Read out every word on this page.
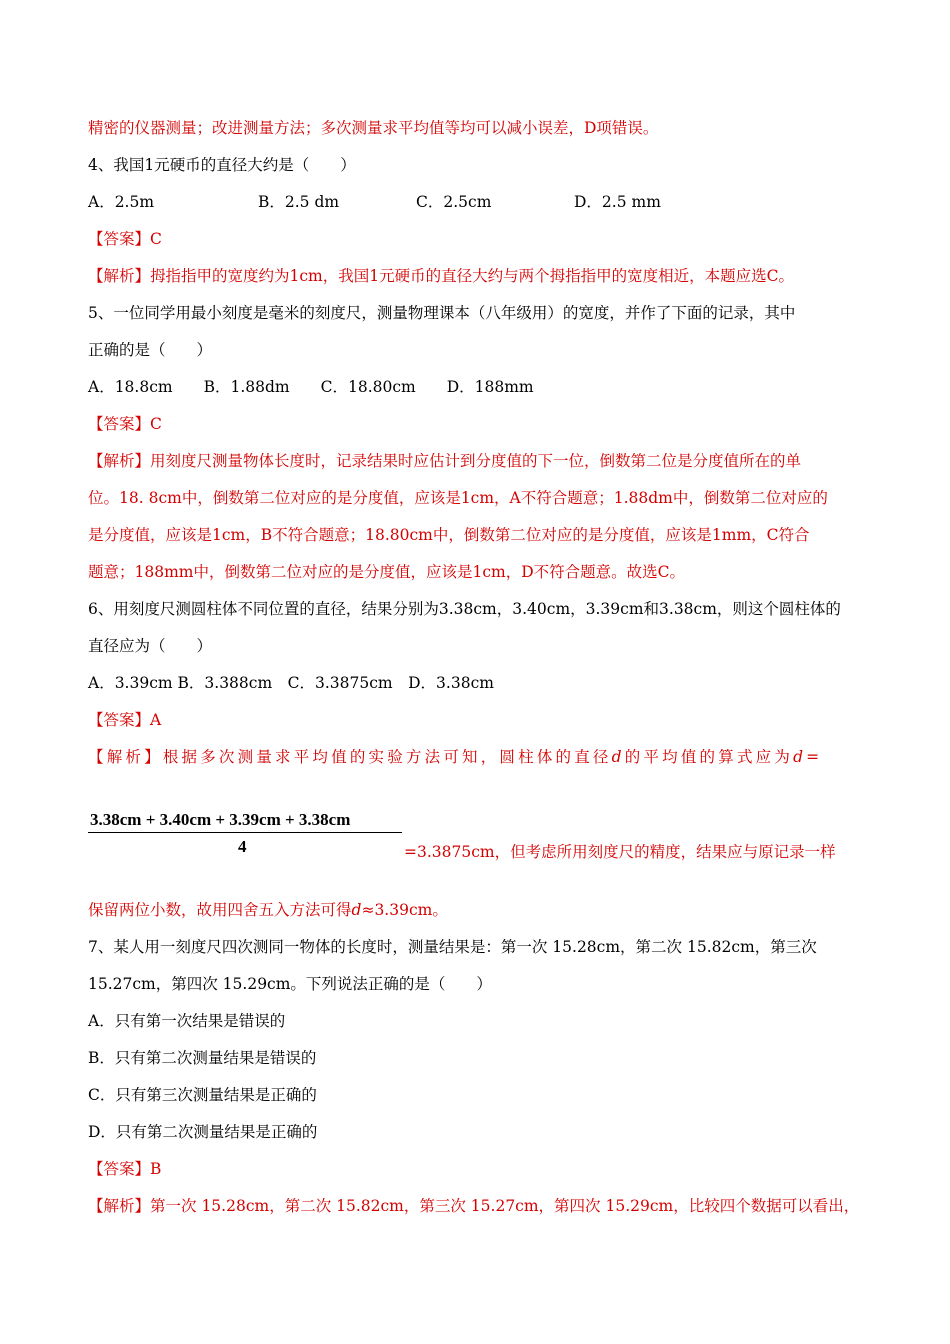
精密的仪器测量；改进测量方法；多次测量求平均值等均可以减小误差，D项错误。
4、我国1元硬币的直径大约是（　　）
A．2.5m	B．2.5 dm	C．2.5cm	D．2.5 mm
【答案】C
【解析】拇指指甲的宽度约为1cm，我国1元硬币的直径大约与两个拇指指甲的宽度相近，本题应选C。
5、一位同学用最小刻度是毫米的刻度尺，测量物理课本（八年级用）的宽度，并作了下面的记录，其中
正确的是（　　）
A．18.8cm　　B．1.88dm　　C．18.80cm　　D．188mm
【答案】C
【解析】用刻度尺测量物体长度时，记录结果时应估计到分度值的下一位，倒数第二位是分度值所在的单
位。18. 8cm中，倒数第二位对应的是分度值，应该是1cm，A不符合题意；1.88dm中，倒数第二位对应的
是分度值，应该是1cm，B不符合题意；18.80cm中，倒数第二位对应的是分度值，应该是1mm，C符合
题意；188mm中，倒数第二位对应的是分度值，应该是1cm，D不符合题意。故选C。
6、用刻度尺测圆柱体不同位置的直径，结果分别为3.38cm，3.40cm，3.39cm和3.38cm，则这个圆柱体的
直径应为（　　）
A．3.39cm B．3.388cm　C．3.3875cm　D．3.38cm
【答案】A
【解析】根据多次测量求平均值的实验方法可知，圆柱体的直径d的平均值的算式应为d=
3.38cm + 3.40cm + 3.39cm + 3.38cm
4	=3.3875cm，但考虑所用刻度尺的精度，结果应与原记录一样
保留两位小数，故用四舍五入方法可得d≈3.39cm。
7、某人用一刻度尺四次测同一物体的长度时，测量结果是：第一次 15.28cm，第二次 15.82cm，第三次
15.27cm，第四次 15.29cm。下列说法正确的是（　　）
A．只有第一次结果是错误的
B．只有第二次测量结果是错误的
C．只有第三次测量结果是正确的
D．只有第二次测量结果是正确的
【答案】B
【解析】第一次 15.28cm，第二次 15.82cm，第三次 15.27cm，第四次 15.29cm，比较四个数据可以看出，
